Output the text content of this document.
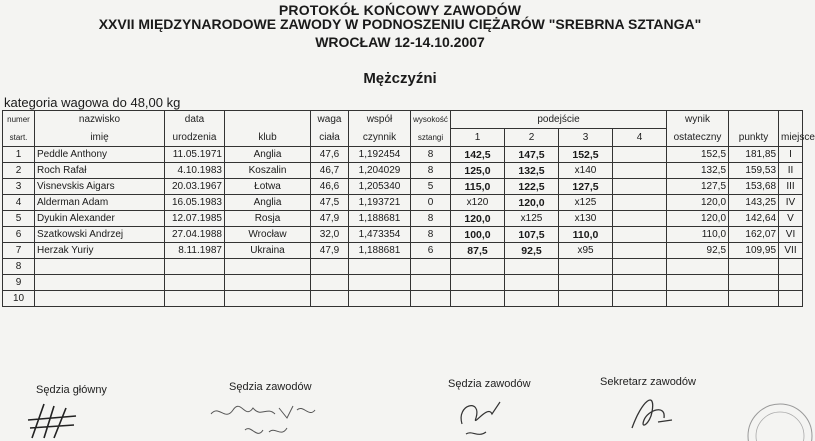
PROTOKÓŁ KOŃCOWY ZAWODÓW
XXVII MIĘDZYNARODOWE ZAWODY W PODNOSZENIU CIĘŻARÓW "SREBRNA SZTANGA"
WROCŁAW 12-14.10.2007
Mężczyźni
kategoria wagowa do 48,00 kg
numer	nazwisko	data		waga	współ	wysokość	podejście				wynik		
start.	imię	urodzenia	klub	ciała	czynnik	sztangi	1	2	3	4	ostateczny	punkty	miejsce
1	Peddle Anthony	11.05.1971	Anglia	47,6	1,192454	8	142,5	147,5	152,5		152,5	181,85	I
2	Roch Rafał	4.10.1983	Koszalin	46,7	1,204029	8	125,0	132,5	x140		132,5	159,53	II
3	Visnevskis Aigars	20.03.1967	Łotwa	46,6	1,205340	5	115,0	122,5	127,5		127,5	153,68	III
4	Alderman Adam	16.05.1983	Anglia	47,5	1,193721	0	x120	120,0	x125		120,0	143,25	IV
5	Dyukin Alexander	12.07.1985	Rosja	47,9	1,188681	8	120,0	x125	x130		120,0	142,64	V
6	Szatkowski Andrzej	27.04.1988	Wrocław	32,0	1,473354	8	100,0	107,5	110,0		110,0	162,07	VI
7	Herzak Yuriy	8.11.1987	Ukraina	47,9	1,188681	6	87,5	92,5	x95		92,5	109,95	VII
8													
9													
10													
Sędzia główny	Sędzia zawodów	Sędzia zawodów	Sekretarz zawodów
